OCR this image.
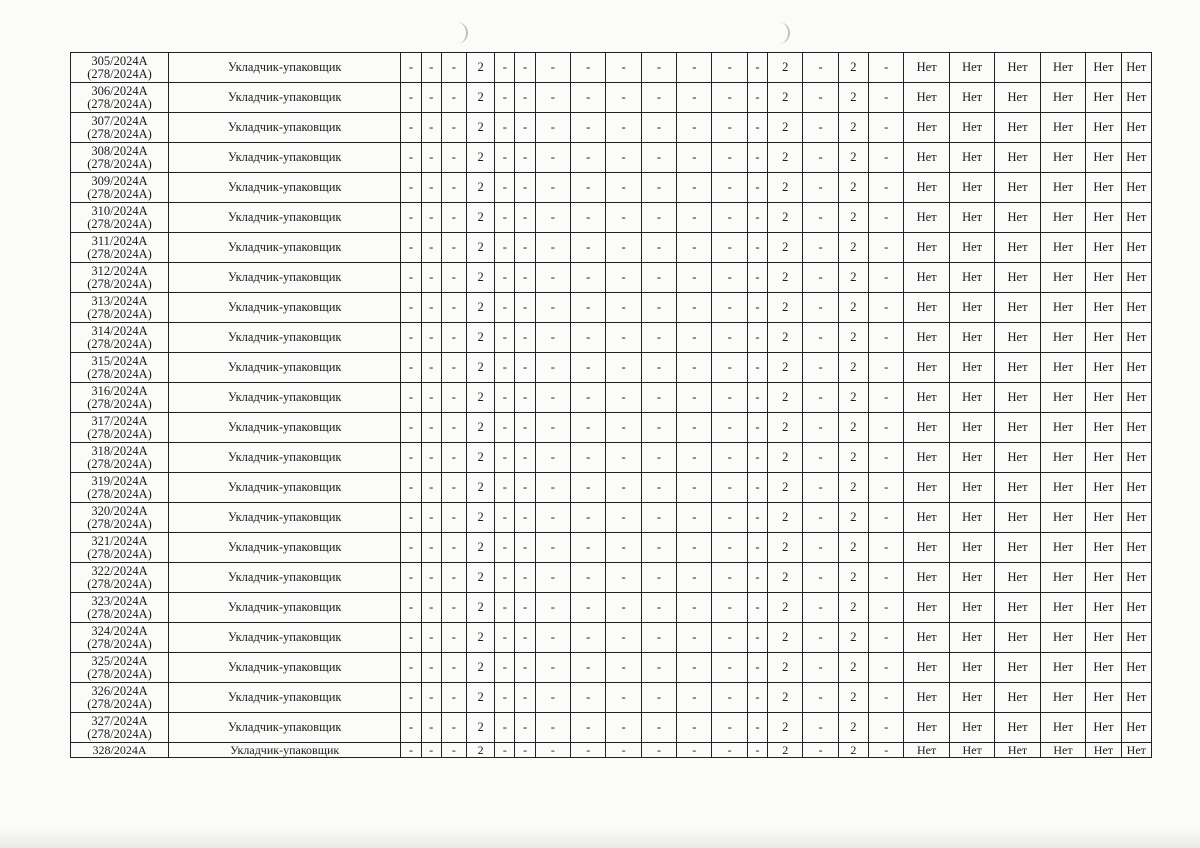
305/2024А
(278/2024А)	Укладчик-упаковщик	-	-	-	2	-	-	-	-	-	-	-	-	-	2	-	2	-	Нет	Нет	Нет	Нет	Нет	Нет

306/2024А
(278/2024А)	Укладчик-упаковщик	-	-	-	2	-	-	-	-	-	-	-	-	-	2	-	2	-	Нет	Нет	Нет	Нет	Нет	Нет

307/2024А
(278/2024А)	Укладчик-упаковщик	-	-	-	2	-	-	-	-	-	-	-	-	-	2	-	2	-	Нет	Нет	Нет	Нет	Нет	Нет

308/2024А
(278/2024А)	Укладчик-упаковщик	-	-	-	2	-	-	-	-	-	-	-	-	-	2	-	2	-	Нет	Нет	Нет	Нет	Нет	Нет

309/2024А
(278/2024А)	Укладчик-упаковщик	-	-	-	2	-	-	-	-	-	-	-	-	-	2	-	2	-	Нет	Нет	Нет	Нет	Нет	Нет

310/2024А
(278/2024А)	Укладчик-упаковщик	-	-	-	2	-	-	-	-	-	-	-	-	-	2	-	2	-	Нет	Нет	Нет	Нет	Нет	Нет

311/2024А
(278/2024А)	Укладчик-упаковщик	-	-	-	2	-	-	-	-	-	-	-	-	-	2	-	2	-	Нет	Нет	Нет	Нет	Нет	Нет

312/2024А
(278/2024А)	Укладчик-упаковщик	-	-	-	2	-	-	-	-	-	-	-	-	-	2	-	2	-	Нет	Нет	Нет	Нет	Нет	Нет

313/2024А
(278/2024А)	Укладчик-упаковщик	-	-	-	2	-	-	-	-	-	-	-	-	-	2	-	2	-	Нет	Нет	Нет	Нет	Нет	Нет

314/2024А
(278/2024А)	Укладчик-упаковщик	-	-	-	2	-	-	-	-	-	-	-	-	-	2	-	2	-	Нет	Нет	Нет	Нет	Нет	Нет

315/2024А
(278/2024А)	Укладчик-упаковщик	-	-	-	2	-	-	-	-	-	-	-	-	-	2	-	2	-	Нет	Нет	Нет	Нет	Нет	Нет

316/2024А
(278/2024А)	Укладчик-упаковщик	-	-	-	2	-	-	-	-	-	-	-	-	-	2	-	2	-	Нет	Нет	Нет	Нет	Нет	Нет

317/2024А
(278/2024А)	Укладчик-упаковщик	-	-	-	2	-	-	-	-	-	-	-	-	-	2	-	2	-	Нет	Нет	Нет	Нет	Нет	Нет

318/2024А
(278/2024А)	Укладчик-упаковщик	-	-	-	2	-	-	-	-	-	-	-	-	-	2	-	2	-	Нет	Нет	Нет	Нет	Нет	Нет

319/2024А
(278/2024А)	Укладчик-упаковщик	-	-	-	2	-	-	-	-	-	-	-	-	-	2	-	2	-	Нет	Нет	Нет	Нет	Нет	Нет

320/2024А
(278/2024А)	Укладчик-упаковщик	-	-	-	2	-	-	-	-	-	-	-	-	-	2	-	2	-	Нет	Нет	Нет	Нет	Нет	Нет

321/2024А
(278/2024А)	Укладчик-упаковщик	-	-	-	2	-	-	-	-	-	-	-	-	-	2	-	2	-	Нет	Нет	Нет	Нет	Нет	Нет

322/2024А
(278/2024А)	Укладчик-упаковщик	-	-	-	2	-	-	-	-	-	-	-	-	-	2	-	2	-	Нет	Нет	Нет	Нет	Нет	Нет

323/2024А
(278/2024А)	Укладчик-упаковщик	-	-	-	2	-	-	-	-	-	-	-	-	-	2	-	2	-	Нет	Нет	Нет	Нет	Нет	Нет

324/2024А
(278/2024А)	Укладчик-упаковщик	-	-	-	2	-	-	-	-	-	-	-	-	-	2	-	2	-	Нет	Нет	Нет	Нет	Нет	Нет

325/2024А
(278/2024А)	Укладчик-упаковщик	-	-	-	2	-	-	-	-	-	-	-	-	-	2	-	2	-	Нет	Нет	Нет	Нет	Нет	Нет

326/2024А
(278/2024А)	Укладчик-упаковщик	-	-	-	2	-	-	-	-	-	-	-	-	-	2	-	2	-	Нет	Нет	Нет	Нет	Нет	Нет

327/2024А
(278/2024А)	Укладчик-упаковщик	-	-	-	2	-	-	-	-	-	-	-	-	-	2	-	2	-	Нет	Нет	Нет	Нет	Нет	Нет

328/2024А	Укладчик-упаковщик	-	-	-	2	-	-	-	-	-	-	-	-	-	2	-	2	-	Нет	Нет	Нет	Нет	Нет	Нет
